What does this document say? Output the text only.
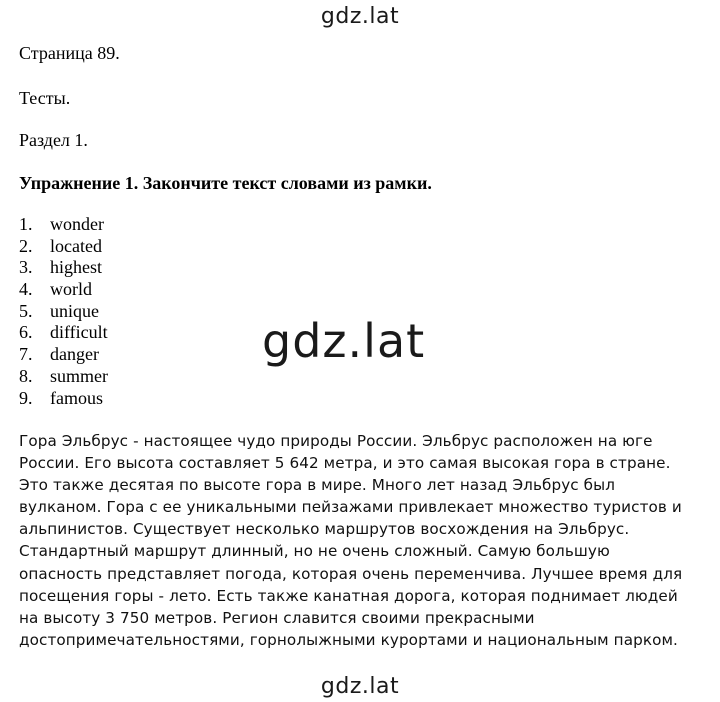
gdz.lat
Страница 89.
Тесты.
Раздел 1.
Упражнение 1. Закончите текст словами из рамки.
1. wonder
2. located
3. highest
4. world
5. unique
6. difficult
7. danger
8. summer
9. famous
gdz.lat
Гора Эльбрус - настоящее чудо природы России. Эльбрус расположен на юге
России. Его высота составляет 5 642 метра, и это самая высокая гора в стране.
Это также десятая по высоте гора в мире. Много лет назад Эльбрус был
вулканом. Гора с ее уникальными пейзажами привлекает множество туристов и
альпинистов. Существует несколько маршрутов восхождения на Эльбрус.
Стандартный маршрут длинный, но не очень сложный. Самую большую
опасность представляет погода, которая очень переменчива. Лучшее время для
посещения горы - лето. Есть также канатная дорога, которая поднимает людей
на высоту 3 750 метров. Регион славится своими прекрасными
достопримечательностями, горнолыжными курортами и национальным парком.
gdz.lat
